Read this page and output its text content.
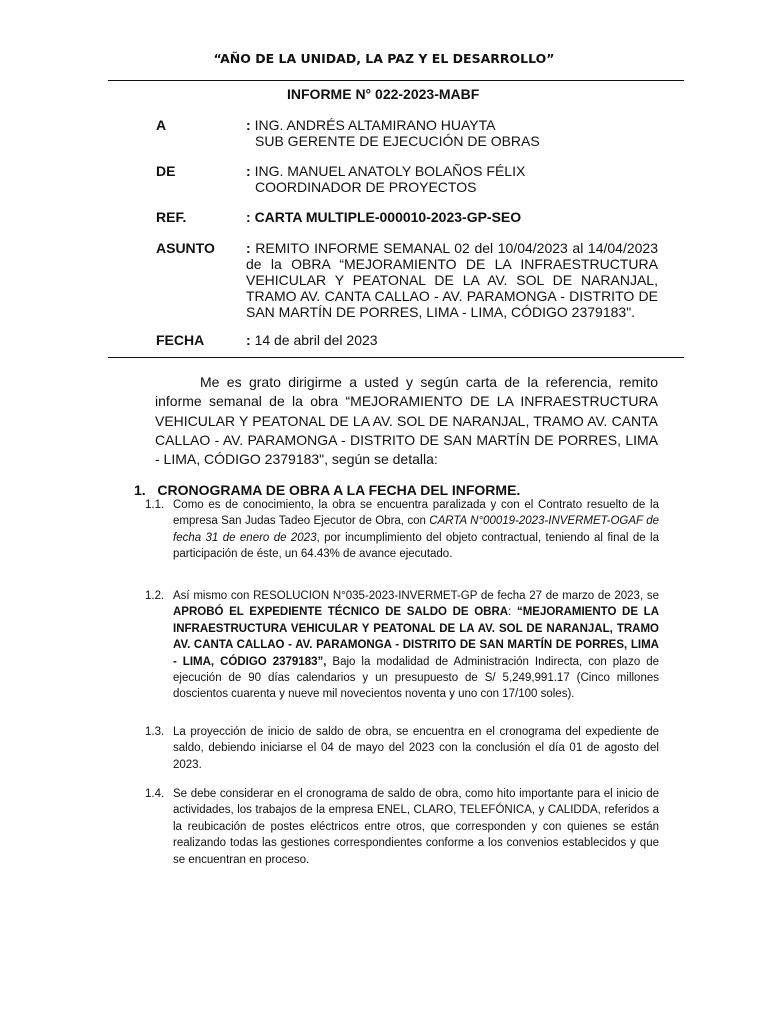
“AÑO DE LA UNIDAD, LA PAZ Y EL DESARROLLO”
INFORME N° 022-2023-MABF
A	: ING. ANDRÉS ALTAMIRANO HUAYTA
SUB GERENTE DE EJECUCIÓN DE OBRAS
DE	: ING. MANUEL ANATOLY BOLAÑOS FÉLIX
COORDINADOR DE PROYECTOS
REF.	: CARTA MULTIPLE-000010-2023-GP-SEO
ASUNTO : REMITO INFORME SEMANAL 02 del 10/04/2023 al 14/04/2023 de la OBRA “MEJORAMIENTO DE LA INFRAESTRUCTURA VEHICULAR Y PEATONAL DE LA AV. SOL DE NARANJAL, TRAMO AV. CANTA CALLAO - AV. PARAMONGA - DISTRITO DE SAN MARTÍN DE PORRES, LIMA - LIMA, CÓDIGO 2379183".
FECHA	: 14 de abril del 2023
Me es grato dirigirme a usted y según carta de la referencia, remito informe semanal de la obra “MEJORAMIENTO DE LA INFRAESTRUCTURA VEHICULAR Y PEATONAL DE LA AV. SOL DE NARANJAL, TRAMO AV. CANTA CALLAO - AV. PARAMONGA - DISTRITO DE SAN MARTÍN DE PORRES, LIMA - LIMA, CÓDIGO 2379183", según se detalla:
1.   CRONOGRAMA DE OBRA A LA FECHA DEL INFORME.
1.1. Como es de conocimiento, la obra se encuentra paralizada y con el Contrato resuelto de la empresa San Judas Tadeo Ejecutor de Obra, con CARTA N°00019-2023-INVERMET-OGAF de fecha 31 de enero de 2023, por incumplimiento del objeto contractual, teniendo al final de la participación de éste, un 64.43% de avance ejecutado.
1.2. Así mismo con RESOLUCION N°035-2023-INVERMET-GP de fecha 27 de marzo de 2023, se APROBÓ EL EXPEDIENTE TÉCNICO DE SALDO DE OBRA: “MEJORAMIENTO DE LA INFRAESTRUCTURA VEHICULAR Y PEATONAL DE LA AV. SOL DE NARANJAL, TRAMO AV. CANTA CALLAO - AV. PARAMONGA - DISTRITO DE SAN MARTÍN DE PORRES, LIMA - LIMA, CÓDIGO 2379183”, Bajo la modalidad de Administración Indirecta, con plazo de ejecución de 90 días calendarios y un presupuesto de S/ 5,249,991.17 (Cinco millones doscientos cuarenta y nueve mil novecientos noventa y uno con 17/100 soles).
1.3. La proyección de inicio de saldo de obra, se encuentra en el cronograma del expediente de saldo, debiendo iniciarse el 04 de mayo del 2023 con la conclusión el día 01 de agosto del 2023.
1.4. Se debe considerar en el cronograma de saldo de obra, como hito importante para el inicio de actividades, los trabajos de la empresa ENEL, CLARO, TELEFÓNICA, y CALIDDA, referidos a la reubicación de postes eléctricos entre otros, que corresponden y con quienes se están realizando todas las gestiones correspondientes conforme a los convenios establecidos y que se encuentran en proceso.
